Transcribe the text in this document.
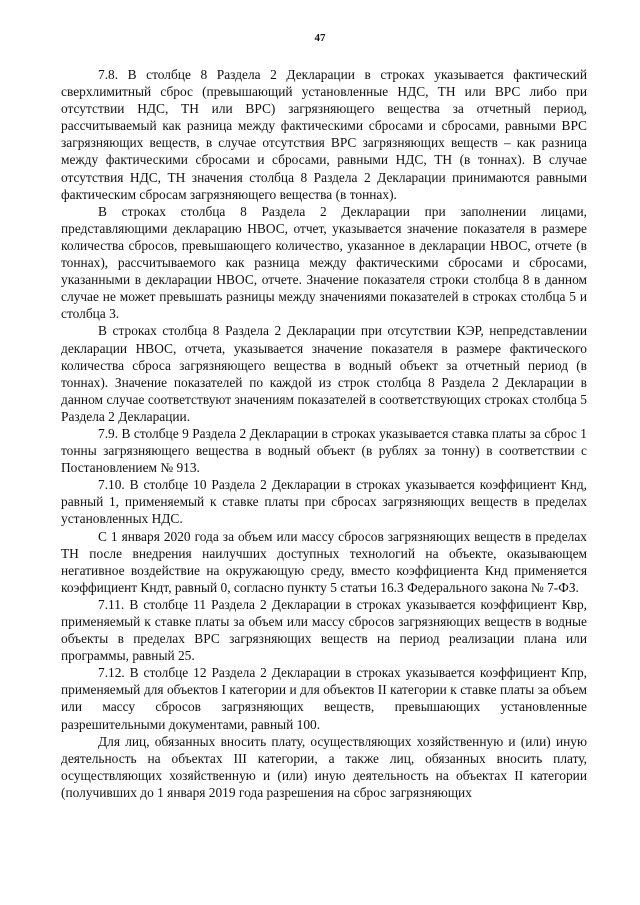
47

7.8. В столбце 8 Раздела 2 Декларации в строках указывается фактический сверхлимитный сброс (превышающий установленные НДС, ТН или ВРС либо при отсутствии НДС, ТН или ВРС) загрязняющего вещества за отчетный период, рассчитываемый как разница между фактическими сбросами и сбросами, равными ВРС загрязняющих веществ, в случае отсутствия ВРС загрязняющих веществ – как разница между фактическими сбросами и сбросами, равными НДС, ТН (в тоннах). В случае отсутствия НДС, ТН значения столбца 8 Раздела 2 Декларации принимаются равными фактическим сбросам загрязняющего вещества (в тоннах).

В строках столбца 8 Раздела 2 Декларации при заполнении лицами, представляющими декларацию НВОС, отчет, указывается значение показателя в размере количества сбросов, превышающего количество, указанное в декларации НВОС, отчете (в тоннах), рассчитываемого как разница между фактическими сбросами и сбросами, указанными в декларации НВОС, отчете. Значение показателя строки столбца 8 в данном случае не может превышать разницы между значениями показателей в строках столбца 5 и столбца 3.

В строках столбца 8 Раздела 2 Декларации при отсутствии КЭР, непредставлении декларации НВОС, отчета, указывается значение показателя в размере фактического количества сброса загрязняющего вещества в водный объект за отчетный период (в тоннах). Значение показателей по каждой из строк столбца 8 Раздела 2 Декларации в данном случае соответствуют значениям показателей в соответствующих строках столбца 5 Раздела 2 Декларации.

7.9. В столбце 9 Раздела 2 Декларации в строках указывается ставка платы за сброс 1 тонны загрязняющего вещества в водный объект (в рублях за тонну) в соответствии с Постановлением № 913.

7.10. В столбце 10 Раздела 2 Декларации в строках указывается коэффициент Кнд, равный 1, применяемый к ставке платы при сбросах загрязняющих веществ в пределах установленных НДС.

С 1 января 2020 года за объем или массу сбросов загрязняющих веществ в пределах ТН после внедрения наилучших доступных технологий на объекте, оказывающем негативное воздействие на окружающую среду, вместо коэффициента Кнд применяется коэффициент Кндт, равный 0, согласно пункту 5 статьи 16.3 Федерального закона № 7-ФЗ.

7.11. В столбце 11 Раздела 2 Декларации в строках указывается коэффициент Квр, применяемый к ставке платы за объем или массу сбросов загрязняющих веществ в водные объекты в пределах ВРС загрязняющих веществ на период реализации плана или программы, равный 25.

7.12. В столбце 12 Раздела 2 Декларации в строках указывается коэффициент Кпр, применяемый для объектов I категории и для объектов II категории к ставке платы за объем или массу сбросов загрязняющих веществ, превышающих установленные разрешительными документами, равный 100.

Для лиц, обязанных вносить плату, осуществляющих хозяйственную и (или) иную деятельность на объектах III категории, а также лиц, обязанных вносить плату, осуществляющих хозяйственную и (или) иную деятельность на объектах II категории (получивших до 1 января 2019 года разрешения на сброс загрязняющих
